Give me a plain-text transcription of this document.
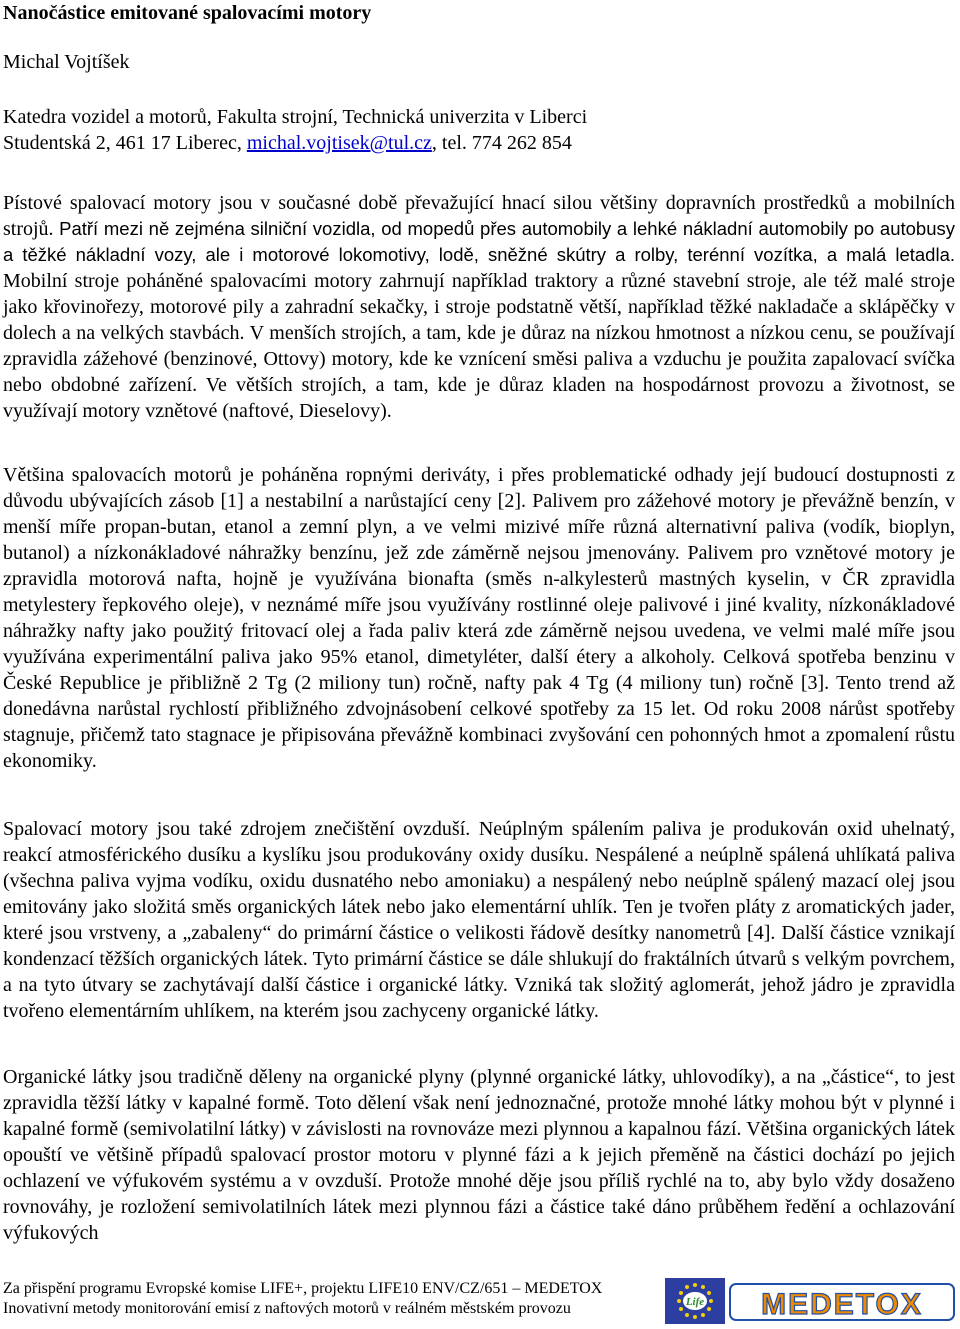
Nanočástice emitované spalovacími motory
Michal Vojtíšek
Katedra vozidel a motorů, Fakulta strojní, Technická univerzita v Liberci
Studentská 2, 461 17 Liberec, michal.vojtisek@tul.cz, tel. 774 262 854

Pístové spalovací motory jsou v současné době převažující hnací silou většiny dopravních prostředků a mobilních strojů. Patří mezi ně zejména silniční vozidla, od mopedů přes automobily a lehké nákladní automobily po autobusy a těžké nákladní vozy, ale i motorové lokomotivy, lodě, sněžné skútry a rolby, terénní vozítka, a malá letadla. Mobilní stroje poháněné spalovacími motory zahrnují například traktory a různé stavební stroje, ale též malé stroje jako křovinořezy, motorové pily a zahradní sekačky, i stroje podstatně větší, například těžké nakladače a sklápěčky v dolech a na velkých stavbách. V menších strojích, a tam, kde je důraz na nízkou hmotnost a nízkou cenu, se používají zpravidla zážehové (benzinové, Ottovy) motory, kde ke vznícení směsi paliva a vzduchu je použita zapalovací svíčka nebo obdobné zařízení. Ve větších strojích, a tam, kde je důraz kladen na hospodárnost provozu a životnost, se využívají motory vznětové (naftové, Dieselovy).

Většina spalovacích motorů je poháněna ropnými deriváty, i přes problematické odhady její budoucí dostupnosti z důvodu ubývajících zásob [1] a nestabilní a narůstající ceny [2]. Palivem pro zážehové motory je převážně benzín, v menší míře propan-butan, etanol a zemní plyn, a ve velmi mizivé míře různá alternativní paliva (vodík, bioplyn, butanol) a nízkonákladové náhražky benzínu, jež zde záměrně nejsou jmenovány. Palivem pro vznětové motory je zpravidla motorová nafta, hojně je využívána bionafta (směs n-alkylesterů mastných kyselin, v ČR zpravidla metylestery řepkového oleje), v neznámé míře jsou využívány rostlinné oleje palivové i jiné kvality, nízkonákladové náhražky nafty jako použitý fritovací olej a řada paliv která zde záměrně nejsou uvedena, ve velmi malé míře jsou využívána experimentální paliva jako 95% etanol, dimetyléter, další étery a alkoholy. Celková spotřeba benzinu v České Republice je přibližně 2 Tg (2 miliony tun) ročně, nafty pak 4 Tg (4 miliony tun) ročně [3]. Tento trend až donedávna narůstal rychlostí přibližného zdvojnásobení celkové spotřeby za 15 let. Od roku 2008 nárůst spotřeby stagnuje, přičemž tato stagnace je připisována převážně kombinaci zvyšování cen pohonných hmot a zpomalení růstu ekonomiky.

Spalovací motory jsou také zdrojem znečištění ovzduší. Neúplným spálením paliva je produkován oxid uhelnatý, reakcí atmosférického dusíku a kyslíku jsou produkovány oxidy dusíku. Nespálené a neúplně spálená uhlíkatá paliva (všechna paliva vyjma vodíku, oxidu dusnatého nebo amoniaku) a nespálený nebo neúplně spálený mazací olej jsou emitovány jako složitá směs organických látek nebo jako elementární uhlík. Ten je tvořen pláty z aromatických jader, které jsou vrstveny, a „zabaleny“ do primární částice o velikosti řádově desítky nanometrů [4]. Další částice vznikají kondenzací těžších organických látek. Tyto primární částice se dále shlukují do fraktálních útvarů s velkým povrchem, a na tyto útvary se zachytávají další částice i organické látky. Vzniká tak složitý aglomerát, jehož jádro je zpravidla tvořeno elementárním uhlíkem, na kterém jsou zachyceny organické látky.

Organické látky jsou tradičně děleny na organické plyny (plynné organické látky, uhlovodíky), a na „částice“, to jest zpravidla těžší látky v kapalné formě. Toto dělení však není jednoznačné, protože mnohé látky mohou být v plynné i kapalné formě (semivolatilní látky) v závislosti na rovnováze mezi plynnou a kapalnou fází. Většina organických látek opouští ve většině případů spalovací prostor motoru v plynné fázi a k jejich přeměně na částici dochází po jejich ochlazení ve výfukovém systému a v ovzduší. Protože mnohé děje jsou příliš rychlé na to, aby bylo vždy dosaženo rovnováhy, je rozložení semivolatilních látek mezi plynnou fázi a částice také dáno průběhem ředění a ochlazování výfukových

Za přispění programu Evropské komise LIFE+, projektu LIFE10 ENV/CZ/651 – MEDETOX
Inovativní metody monitorování emisí z naftových motorů v reálném městském provozu	Life MEDETOX
